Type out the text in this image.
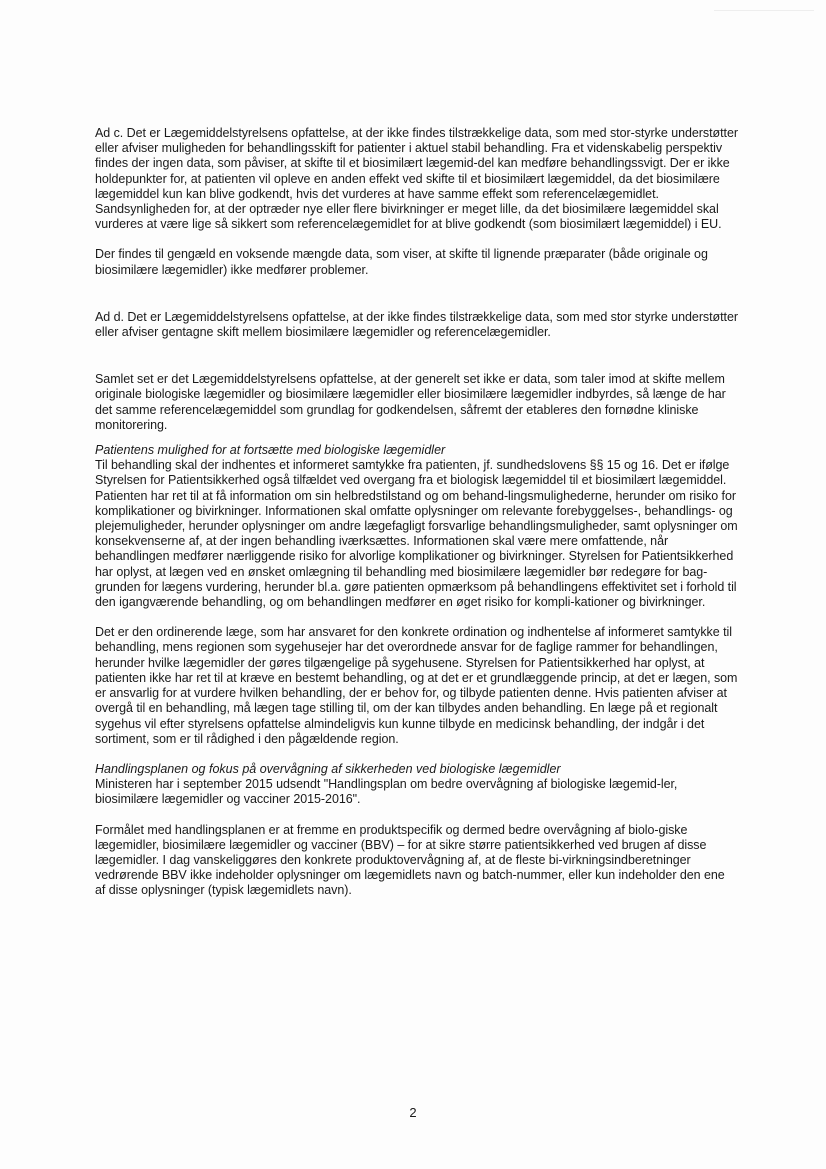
Ad c. Det er Lægemiddelstyrelsens opfattelse, at der ikke findes tilstrækkelige data, som med stor-styrke understøtter eller afviser muligheden for behandlingsskift for patienter i aktuel stabil behandling. Fra et videnskabelig perspektiv findes der ingen data, som påviser, at skifte til et biosimilært lægemid-del kan medføre behandlingssvigt. Der er ikke holdepunkter for, at patienten vil opleve en anden effekt ved skifte til et biosimilært lægemiddel, da det biosimilære lægemiddel kun kan blive godkendt, hvis det vurderes at have samme effekt som referencelægemidlet. Sandsynligheden for, at der optræder nye eller flere bivirkninger er meget lille, da det biosimilære lægemiddel skal vurderes at være lige så sikkert som referencelægemidlet for at blive godkendt (som biosimilært lægemiddel) i EU.

Der findes til gengæld en voksende mængde data, som viser, at skifte til lignende præparater (både originale og biosimilære lægemidler) ikke medfører problemer.

Ad d. Det er Lægemiddelstyrelsens opfattelse, at der ikke findes tilstrækkelige data, som med stor styrke understøtter eller afviser gentagne skift mellem biosimilære lægemidler og referencelægemidler.

Samlet set er det Lægemiddelstyrelsens opfattelse, at der generelt set ikke er data, som taler imod at skifte mellem originale biologiske lægemidler og biosimilære lægemidler eller biosimilære lægemidler indbyrdes, så længe de har det samme referencelægemiddel som grundlag for godkendelsen, såfremt der etableres den fornødne kliniske monitorering.

Patientens mulighed for at fortsætte med biologiske lægemidler

Til behandling skal der indhentes et informeret samtykke fra patienten, jf. sundhedslovens §§ 15 og 16. Det er ifølge Styrelsen for Patientsikkerhed også tilfældet ved overgang fra et biologisk lægemiddel til et biosimilært lægemiddel. Patienten har ret til at få information om sin helbredstilstand og om behand-lingsmulighederne, herunder om risiko for komplikationer og bivirkninger. Informationen skal omfatte oplysninger om relevante forebyggelses-, behandlings- og plejemuligheder, herunder oplysninger om andre lægefagligt forsvarlige behandlingsmuligheder, samt oplysninger om konsekvenserne af, at der ingen behandling iværksættes. Informationen skal være mere omfattende, når behandlingen medfører nærliggende risiko for alvorlige komplikationer og bivirkninger. Styrelsen for Patientsikkerhed har oplyst, at lægen ved en ønsket omlægning til behandling med biosimilære lægemidler bør redegøre for bag-grunden for lægens vurdering, herunder bl.a. gøre patienten opmærksom på behandlingens effektivitet set i forhold til den igangværende behandling, og om behandlingen medfører en øget risiko for kompli-kationer og bivirkninger.

Det er den ordinerende læge, som har ansvaret for den konkrete ordination og indhentelse af informeret samtykke til behandling, mens regionen som sygehusejer har det overordnede ansvar for de faglige rammer for behandlingen, herunder hvilke lægemidler der gøres tilgængelige på sygehusene. Styrelsen for Patientsikkerhed har oplyst, at patienten ikke har ret til at kræve en bestemt behandling, og at det er et grundlæggende princip, at det er lægen, som er ansvarlig for at vurdere hvilken behandling, der er behov for, og tilbyde patienten denne. Hvis patienten afviser at overgå til en behandling, må lægen tage stilling til, om der kan tilbydes anden behandling. En læge på et regionalt sygehus vil efter styrelsens opfattelse almindeligvis kun kunne tilbyde en medicinsk behandling, der indgår i det sortiment, som er til rådighed i den pågældende region.

Handlingsplanen og fokus på overvågning af sikkerheden ved biologiske lægemidler

Ministeren har i september 2015 udsendt "Handlingsplan om bedre overvågning af biologiske lægemid-ler, biosimilære lægemidler og vacciner 2015-2016".

Formålet med handlingsplanen er at fremme en produktspecifik og dermed bedre overvågning af biolo-giske lægemidler, biosimilære lægemidler og vacciner (BBV) – for at sikre større patientsikkerhed ved brugen af disse lægemidler. I dag vanskeliggøres den konkrete produktovervågning af, at de fleste bi-virkningsindberetninger vedrørende BBV ikke indeholder oplysninger om lægemidlets navn og batch-nummer, eller kun indeholder den ene af disse oplysninger (typisk lægemidlets navn).

2
